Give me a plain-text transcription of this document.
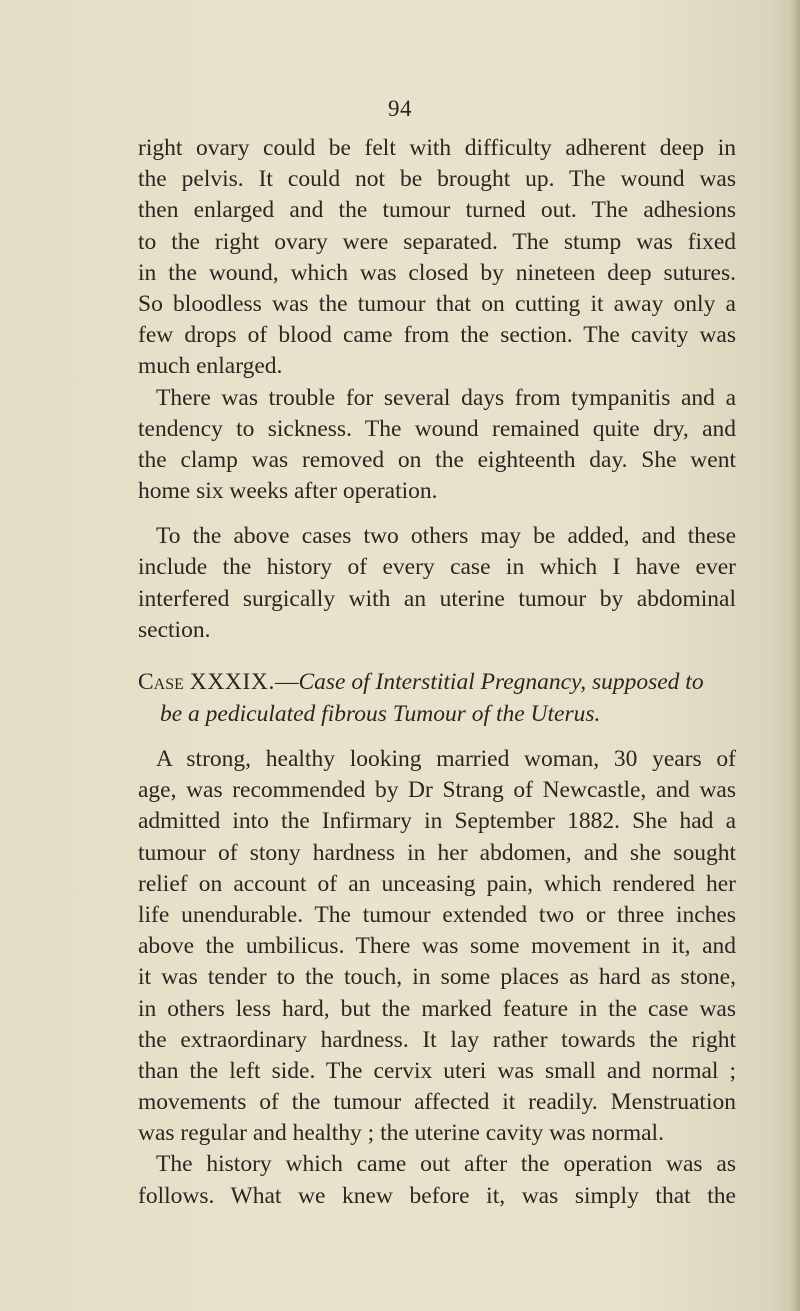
94
right ovary could be felt with difficulty adherent deep in
the pelvis. It could not be brought up. The wound was
then enlarged and the tumour turned out. The adhesions
to the right ovary were separated. The stump was fixed
in the wound, which was closed by nineteen deep sutures.
So bloodless was the tumour that on cutting it away only a
few drops of blood came from the section. The cavity was
much enlarged.
There was trouble for several days from tympanitis and a
tendency to sickness. The wound remained quite dry, and
the clamp was removed on the eighteenth day. She went
home six weeks after operation.
To the above cases two others may be added, and these
include the history of every case in which I have ever
interfered surgically with an uterine tumour by abdominal
section.
Case XXXIX.—Case of Interstitial Pregnancy, supposed to
be a pediculated fibrous Tumour of the Uterus.
A strong, healthy looking married woman, 30 years of
age, was recommended by Dr Strang of Newcastle, and was
admitted into the Infirmary in September 1882. She had a
tumour of stony hardness in her abdomen, and she sought
relief on account of an unceasing pain, which rendered her
life unendurable. The tumour extended two or three inches
above the umbilicus. There was some movement in it, and
it was tender to the touch, in some places as hard as stone,
in others less hard, but the marked feature in the case was
the extraordinary hardness. It lay rather towards the right
than the left side. The cervix uteri was small and normal ;
movements of the tumour affected it readily. Menstruation
was regular and healthy ; the uterine cavity was normal.
The history which came out after the operation was as
follows. What we knew before it, was simply that the
